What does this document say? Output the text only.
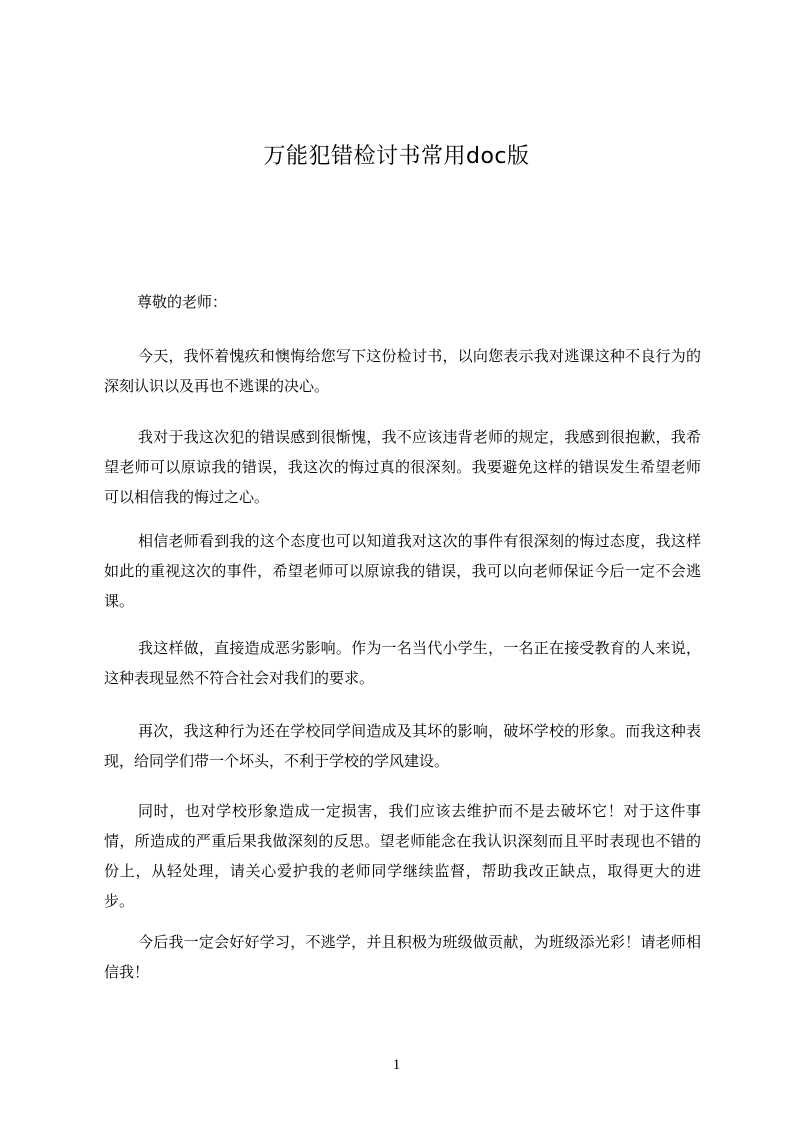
万能犯错检讨书常用doc版
尊敬的老师：
今天，我怀着愧疚和懊悔给您写下这份检讨书，以向您表示我对逃课这种不良行为的深刻认识以及再也不逃课的决心。
我对于我这次犯的错误感到很惭愧，我不应该违背老师的规定，我感到很抱歉，我希望老师可以原谅我的错误，我这次的悔过真的很深刻。我要避免这样的错误发生希望老师可以相信我的悔过之心。
相信老师看到我的这个态度也可以知道我对这次的事件有很深刻的悔过态度，我这样如此的重视这次的事件，希望老师可以原谅我的错误，我可以向老师保证今后一定不会逃课。
我这样做，直接造成恶劣影响。作为一名当代小学生，一名正在接受教育的人来说，这种表现显然不符合社会对我们的要求。
再次，我这种行为还在学校同学间造成及其坏的影响，破坏学校的形象。而我这种表现，给同学们带一个坏头，不利于学校的学风建设。
同时，也对学校形象造成一定损害，我们应该去维护而不是去破坏它！对于这件事情，所造成的严重后果我做深刻的反思。望老师能念在我认识深刻而且平时表现也不错的份上，从轻处理，请关心爱护我的老师同学继续监督，帮助我改正缺点，取得更大的进步。
今后我一定会好好学习，不逃学，并且积极为班级做贡献，为班级添光彩！请老师相信我！
1
